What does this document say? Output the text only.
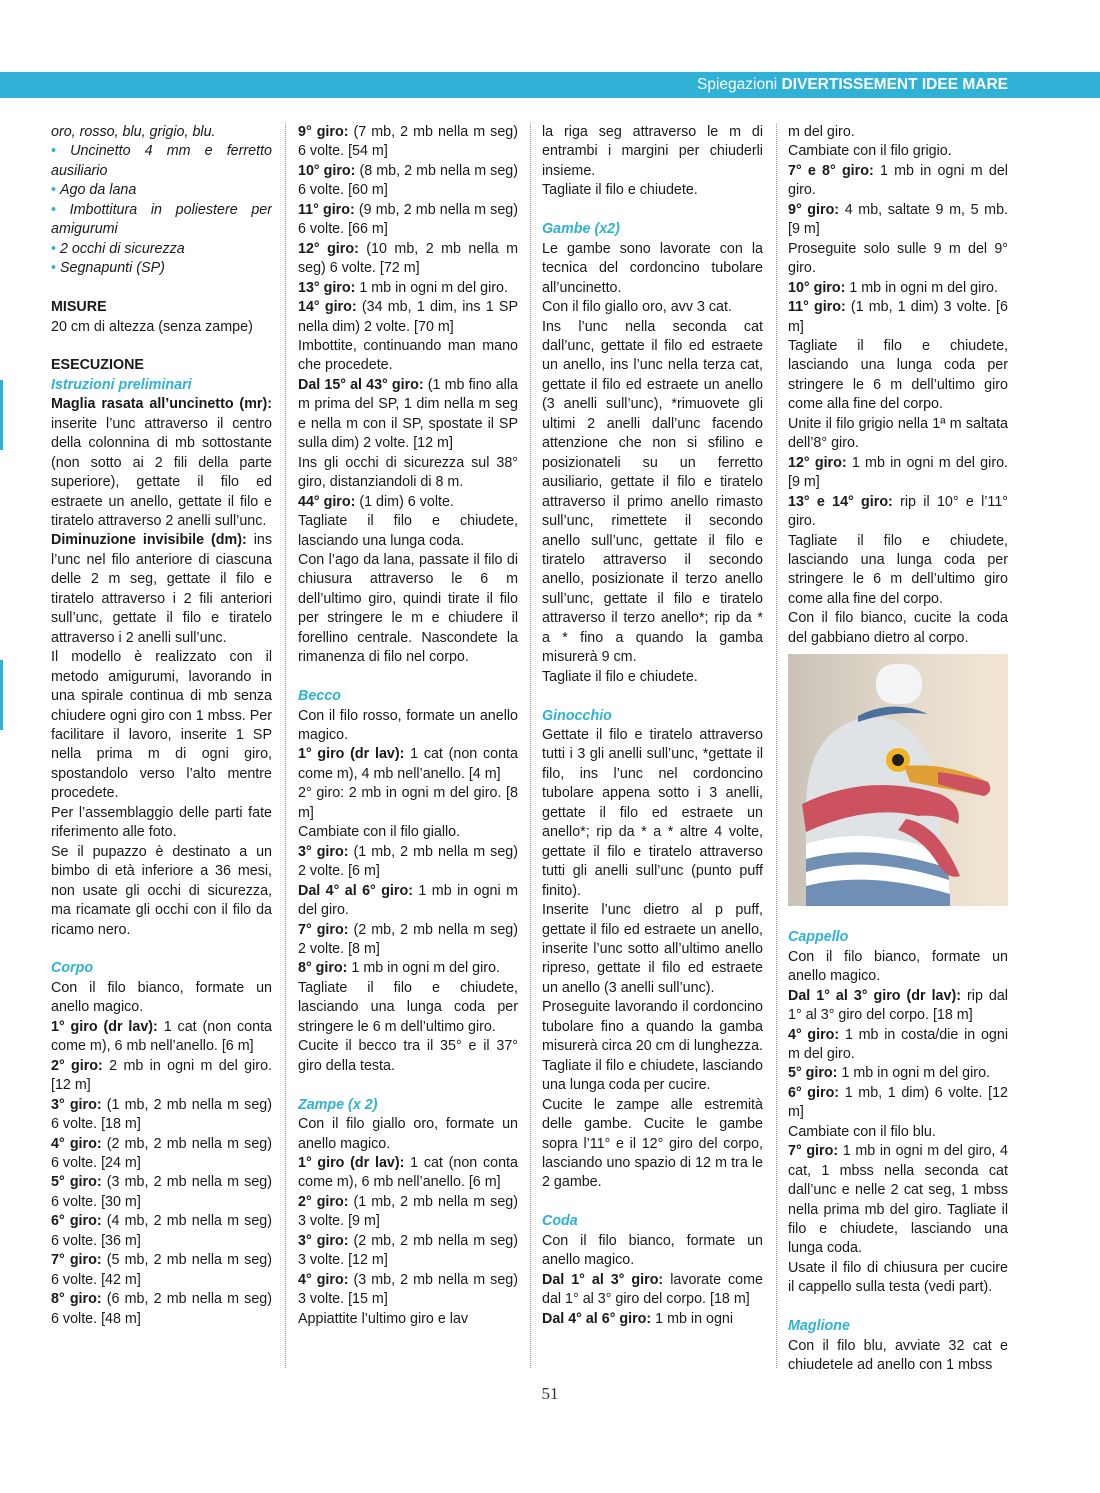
Spiegazioni DIVERTISSEMENT IDEE MARE

oro, rosso, blu, grigio, blu.

• Uncinetto 4 mm e ferretto ausiliario

• Ago da lana

• Imbottitura in poliestere per amigurumi

• 2 occhi di sicurezza

• Segnapunti (SP)

MISURE

20 cm di altezza (senza zampe)

ESECUZIONE

Istruzioni preliminari

Maglia rasata all’uncinetto (mr): inserite l’unc attraverso il centro della colonnina di mb sottostante (non sotto ai 2 fili della parte superiore), gettate il filo ed estraete un anello, gettate il filo e tiratelo attraverso 2 anelli sull’unc.

Diminuzione invisibile (dm): ins l’unc nel filo anteriore di ciascuna delle 2 m seg, gettate il filo e tiratelo attraverso i 2 fili anteriori sull’unc, gettate il filo e tiratelo attraverso i 2 anelli sull’unc.

Il modello è realizzato con il metodo amigurumi, lavorando in una spirale continua di mb senza chiudere ogni giro con 1 mbss. Per facilitare il lavoro, inserite 1 SP nella prima m di ogni giro, spostandolo verso l’alto mentre procedete.

Per l’assemblaggio delle parti fate riferimento alle foto.

Se il pupazzo è destinato a un bimbo di età inferiore a 36 mesi, non usate gli occhi di sicurezza, ma ricamate gli occhi con il filo da ricamo nero.

Corpo

Con il filo bianco, formate un anello magico.

1° giro (dr lav): 1 cat (non conta come m), 6 mb nell’anello. [6 m]

2° giro: 2 mb in ogni m del giro. [12 m]

3° giro: (1 mb, 2 mb nella m seg) 6 volte. [18 m]

4° giro: (2 mb, 2 mb nella m seg) 6 volte. [24 m]

5° giro: (3 mb, 2 mb nella m seg) 6 volte. [30 m]

6° giro: (4 mb, 2 mb nella m seg) 6 volte. [36 m]

7° giro: (5 mb, 2 mb nella m seg) 6 volte. [42 m]

8° giro: (6 mb, 2 mb nella m seg) 6 volte. [48 m]

9° giro: (7 mb, 2 mb nella m seg) 6 volte. [54 m]

10° giro: (8 mb, 2 mb nella m seg) 6 volte. [60 m]

11° giro: (9 mb, 2 mb nella m seg) 6 volte. [66 m]

12° giro: (10 mb, 2 mb nella m seg) 6 volte. [72 m]

13° giro: 1 mb in ogni m del giro.

14° giro: (34 mb, 1 dim, ins 1 SP nella dim) 2 volte. [70 m]

Imbottite, continuando man mano che procedete.

Dal 15° al 43° giro: (1 mb fino alla m prima del SP, 1 dim nella m seg e nella m con il SP, spostate il SP sulla dim) 2 volte. [12 m]

Ins gli occhi di sicurezza sul 38° giro, distanziandoli di 8 m.

44° giro: (1 dim) 6 volte.

Tagliate il filo e chiudete, lasciando una lunga coda.

Con l’ago da lana, passate il filo di chiusura attraverso le 6 m dell’ultimo giro, quindi tirate il filo per stringere le m e chiudere il forellino centrale. Nascondete la rimanenza di filo nel corpo.

Becco

Con il filo rosso, formate un anello magico.

1° giro (dr lav): 1 cat (non conta come m), 4 mb nell’anello. [4 m]

2° giro: 2 mb in ogni m del giro. [8 m]

Cambiate con il filo giallo.

3° giro: (1 mb, 2 mb nella m seg) 2 volte. [6 m]

Dal 4° al 6° giro: 1 mb in ogni m del giro.

7° giro: (2 mb, 2 mb nella m seg) 2 volte. [8 m]

8° giro: 1 mb in ogni m del giro.

Tagliate il filo e chiudete, lasciando una lunga coda per stringere le 6 m dell’ultimo giro.

Cucite il becco tra il 35° e il 37° giro della testa.

Zampe (x 2)

Con il filo giallo oro, formate un anello magico.

1° giro (dr lav): 1 cat (non conta come m), 6 mb nell’anello. [6 m]

2° giro: (1 mb, 2 mb nella m seg) 3 volte. [9 m]

3° giro: (2 mb, 2 mb nella m seg) 3 volte. [12 m]

4° giro: (3 mb, 2 mb nella m seg) 3 volte. [15 m]

Appiattite l’ultimo giro e lav

la riga seg attraverso le m di entrambi i margini per chiuderli insieme.

Tagliate il filo e chiudete.

Gambe (x2)

Le gambe sono lavorate con la tecnica del cordoncino tubolare all’uncinetto.

Con il filo giallo oro, avv 3 cat.

Ins l’unc nella seconda cat dall’unc, gettate il filo ed estraete un anello, ins l’unc nella terza cat, gettate il filo ed estraete un anello (3 anelli sull’unc), *rimuovete gli ultimi 2 anelli dall’unc facendo attenzione che non si sfilino e posizionateli su un ferretto ausiliario, gettate il filo e tiratelo attraverso il primo anello rimasto sull’unc, rimettete il secondo anello sull’unc, gettate il filo e tiratelo attraverso il secondo anello, posizionate il terzo anello sull’unc, gettate il filo e tiratelo attraverso il terzo anello*; rip da * a * fino a quando la gamba misurerà 9 cm.

Tagliate il filo e chiudete.

Ginocchio

Gettate il filo e tiratelo attraverso tutti i 3 gli anelli sull’unc, *gettate il filo, ins l’unc nel cordoncino tubolare appena sotto i 3 anelli, gettate il filo ed estraete un anello*; rip da * a * altre 4 volte, gettate il filo e tiratelo attraverso tutti gli anelli sull’unc (punto puff finito).

Inserite l’unc dietro al p puff, gettate il filo ed estraete un anello, inserite l’unc sotto all’ultimo anello ripreso, gettate il filo ed estraete un anello (3 anelli sull’unc).

Proseguite lavorando il cordoncino tubolare fino a quando la gamba misurerà circa 20 cm di lunghezza. Tagliate il filo e chiudete, lasciando una lunga coda per cucire.

Cucite le zampe alle estremità delle gambe. Cucite le gambe sopra l’11° e il 12° giro del corpo, lasciando uno spazio di 12 m tra le 2 gambe.

Coda

Con il filo bianco, formate un anello magico.

Dal 1° al 3° giro: lavorate come dal 1° al 3° giro del corpo. [18 m]

Dal 4° al 6° giro: 1 mb in ogni

m del giro.

Cambiate con il filo grigio.

7° e 8° giro: 1 mb in ogni m del giro.

9° giro: 4 mb, saltate 9 m, 5 mb. [9 m]

Proseguite solo sulle 9 m del 9° giro.

10° giro: 1 mb in ogni m del giro.

11° giro: (1 mb, 1 dim) 3 volte. [6 m]

Tagliate il filo e chiudete, lasciando una lunga coda per stringere le 6 m dell’ultimo giro come alla fine del corpo.

Unite il filo grigio nella 1ª m saltata dell’8° giro.

12° giro: 1 mb in ogni m del giro. [9 m]

13° e 14° giro: rip il 10° e l’11° giro.

Tagliate il filo e chiudete, lasciando una lunga coda per stringere le 6 m dell’ultimo giro come alla fine del corpo.

Con il filo bianco, cucite la coda del gabbiano dietro al corpo.

Cappello

Con il filo bianco, formate un anello magico.

Dal 1° al 3° giro (dr lav): rip dal 1° al 3° giro del corpo. [18 m]

4° giro: 1 mb in costa/die in ogni m del giro.

5° giro: 1 mb in ogni m del giro.

6° giro: 1 mb, 1 dim) 6 volte. [12 m]

Cambiate con il filo blu.

7° giro: 1 mb in ogni m del giro, 4 cat, 1 mbss nella seconda cat dall’unc e nelle 2 cat seg, 1 mbss nella prima mb del giro. Tagliate il filo e chiudete, lasciando una lunga coda.

Usate il filo di chiusura per cucire il cappello sulla testa (vedi part).

Maglione

Con il filo blu, avviate 32 cat e chiudetele ad anello con 1 mbss

51
